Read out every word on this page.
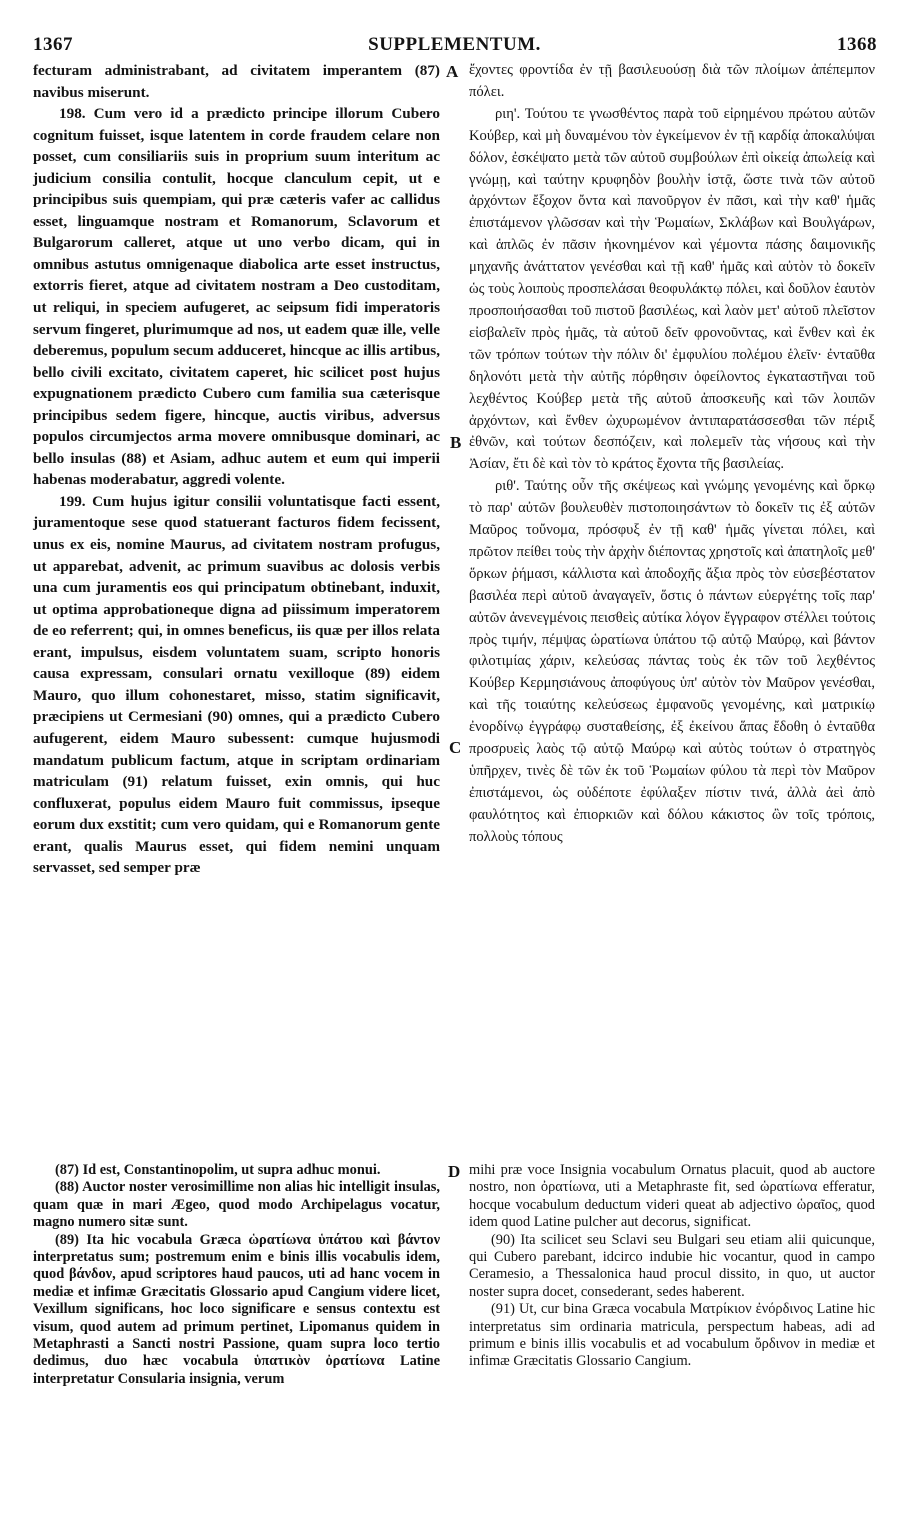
1367	SUPPLEMENTUM.	1368
A
B
C
D

fecturam administrabant, ad civitatem imperantem (87) navibus miserunt.

198. Cum vero id a prædicto principe illorum Cubero cognitum fuisset, isque latentem in corde fraudem celare non posset, cum consiliariis suis in proprium suum interitum ac judicium consilia contulit, hocque clanculum cepit, ut e principibus suis quempiam, qui præ cæteris vafer ac callidus esset, linguamque nostram et Romanorum, Sclavorum et Bulgarorum calleret, atque ut uno verbo dicam, qui in omnibus astutus omnigenaque diabolica arte esset instructus, extorris fieret, atque ad civitatem nostram a Deo custoditam, ut reliqui, in speciem aufugeret, ac seipsum fidi imperatoris servum fingeret, plurimumque ad nos, ut eadem quæ ille, velle deberemus, populum secum adduceret, hincque ac illis artibus, bello civili excitato, civitatem caperet, hic scilicet post hujus expugnationem prædicto Cubero cum familia sua cæterisque principibus sedem figere, hincque, auctis viribus, adversus populos circumjectos arma movere omnibusque dominari, ac bello insulas (88) et Asiam, adhuc autem et eum qui imperii habenas moderabatur, aggredi volente.

199. Cum hujus igitur consilii voluntatisque facti essent, juramentoque sese quod statuerant facturos fidem fecissent, unus ex eis, nomine Maurus, ad civitatem nostram profugus, ut apparebat, advenit, ac primum suavibus ac dolosis verbis una cum juramentis eos qui principatum obtinebant, induxit, ut optima approbationeque digna ad piissimum imperatorem de eo referrent; qui, in omnes beneficus, iis quæ per illos relata erant, impulsus, eisdem voluntatem suam, scripto honoris causa expressam, consulari ornatu vexilloque (89) eidem Mauro, quo illum cohonestaret, misso, statim significavit, præcipiens ut Cermesiani (90) omnes, qui a prædicto Cubero aufugerent, eidem Mauro subessent: cumque hujusmodi mandatum publicum factum, atque in scriptam ordinariam matriculam (91) relatum fuisset, exin omnis, qui huc confluxerat, populus eidem Mauro fuit commissus, ipseque eorum dux exstitit; cum vero quidam, qui e Romanorum gente erant, qualis Maurus esset, qui fidem nemini unquam servasset, sed semper præ

ἔχοντες φροντίδα ἐν τῇ βασιλευούσῃ διὰ τῶν πλοίμων ἀπέπεμπον πόλει.

ριη'. Τούτου τε γνωσθέντος παρὰ τοῦ εἰρημένου πρώτου αὐτῶν Κούβερ, καὶ μὴ δυναμένου τὸν ἐγκείμενον ἐν τῇ καρδίᾳ ἀποκαλύψαι δόλον, ἐσκέψατο μετὰ τῶν αὐτοῦ συμβούλων ἐπὶ οἰκείᾳ ἀπωλείᾳ καὶ γνώμῃ, καὶ ταύτην κρυφηδὸν βουλὴν ἱστᾷ, ὥστε τινὰ τῶν αὐτοῦ ἀρχόντων ἔξοχον ὄντα καὶ πανοῦργον ἐν πᾶσι, καὶ τὴν καθ' ἡμᾶς ἐπιστάμενον γλῶσσαν καὶ τὴν Ῥωμαίων, Σκλάβων καὶ Βουλγάρων, καὶ ἁπλῶς ἐν πᾶσιν ἠκονημένον καὶ γέμοντα πάσης δαιμονικῆς μηχανῆς ἀνάττατον γενέσθαι καὶ τῇ καθ' ἡμᾶς καὶ αὐτὸν τὸ δοκεῖν ὡς τοὺς λοιποὺς προσπελάσαι θεοφυλάκτῳ πόλει, καὶ δοῦλον ἑαυτὸν προσποιήσασθαι τοῦ πιστοῦ βασιλέως, καὶ λαὸν μετ' αὐτοῦ πλεῖστον εἰσβαλεῖν πρὸς ἡμᾶς, τὰ αὐτοῦ δεῖν φρονοῦντας, καὶ ἔνθεν καὶ ἐκ τῶν τρόπων τούτων τὴν πόλιν δι' ἐμφυλίου πολέμου ἑλεῖν· ἐνταῦθα δηλονότι μετὰ τὴν αὐτῆς πόρθησιν ὀφείλοντος ἐγκαταστῆναι τοῦ λεχθέντος Κούβερ μετὰ τῆς αὐτοῦ ἀποσκευῆς καὶ τῶν λοιπῶν ἀρχόντων, καὶ ἔνθεν ὠχυρωμένον ἀντιπαρατάσσεσθαι τῶν πέριξ ἐθνῶν, καὶ τούτων δεσπόζειν, καὶ πολεμεῖν τὰς νήσους καὶ τὴν Ἀσίαν, ἔτι δὲ καὶ τὸν τὸ κράτος ἔχοντα τῆς βασιλείας.

ριθ'. Ταύτης οὖν τῆς σκέψεως καὶ γνώμης γενομένης καὶ ὅρκῳ τὸ παρ' αὐτῶν βουλευθὲν πιστοποιησάντων τὸ δοκεῖν τις ἐξ αὐτῶν Μαῦρος τοὔνομα, πρόσφυξ ἐν τῇ καθ' ἡμᾶς γίνεται πόλει, καὶ πρῶτον πείθει τοὺς τὴν ἀρχὴν διέποντας χρηστοῖς καὶ ἀπατηλοῖς μεθ' ὅρκων ῥήμασι, κάλλιστα καὶ ἀποδοχῆς ἄξια πρὸς τὸν εὐσεβέστατον βασιλέα περὶ αὐτοῦ ἀναγαγεῖν, ὅστις ὁ πάντων εὐεργέτης τοῖς παρ' αὐτῶν ἀνενεγμένοις πεισθεὶς αὐτίκα λόγον ἔγγραφον στέλλει τούτοις πρὸς τιμήν, πέμψας ὡρατίωνα ὑπάτου τῷ αὐτῷ Μαύρῳ, καὶ βάντον φιλοτιμίας χάριν, κελεύσας πάντας τοὺς ἐκ τῶν τοῦ λεχθέντος Κούβερ Κερμησιάνους ἀποφύγους ὑπ' αὐτὸν τὸν Μαῦρον γενέσθαι, καὶ τῆς τοιαύτης κελεύσεως ἐμφανοῦς γενομένης, καὶ ματρικίῳ ἐνορδίνῳ ἐγγράφῳ συσταθείσης, ἐξ ἐκείνου ἅπας ἔδοθη ὁ ἐνταῦθα προσρυεὶς λαὸς τῷ αὐτῷ Μαύρῳ καὶ αὐτὸς τούτων ὁ στρατηγὸς ὑπῆρχεν, τινὲς δὲ τῶν ἐκ τοῦ Ῥωμαίων φύλου τὰ περὶ τὸν Μαῦρον ἐπιστάμενοι, ὡς οὐδέποτε ἐφύλαξεν πίστιν τινά, ἀλλὰ ἀεὶ ἀπὸ φαυλότητος καὶ ἐπιορκιῶν καὶ δόλου κάκιστος ὢν τοῖς τρόποις, πολλοὺς τόπους

(87) Id est, Constantinopolim, ut supra adhuc monui.

(88) Auctor noster verosimillime non alias hic intelligit insulas, quam quæ in mari Ægeo, quod modo Archipelagus vocatur, magno numero sitæ sunt.

(89) Ita hic vocabula Græca ὡρατίωνα ὑπάτου καὶ βάντον interpretatus sum; postremum enim e binis illis vocabulis idem, quod βάνδον, apud scriptores haud paucos, uti ad hanc vocem in mediæ et infimæ Græcitatis Glossario apud Cangium videre licet, Vexillum significans, hoc loco significare e sensus contextu est visum, quod autem ad primum pertinet, Lipomanus quidem in Metaphrasti a Sancti nostri Passione, quam supra loco tertio dedimus, duo hæc vocabula ὑπατικὸν ὀρατίωνα Latine interpretatur Consularia insignia, verum

mihi præ voce Insignia vocabulum Ornatus placuit, quod ab auctore nostro, non ὀρατίωνα, uti a Metaphraste fit, sed ὡρατίωνα efferatur, hocque vocabulum deductum videri queat ab adjectivo ὡραῖος, quod idem quod Latine pulcher aut decorus, significat.

(90) Ita scilicet seu Sclavi seu Bulgari seu etiam alii quicunque, qui Cubero parebant, idcirco indubie hic vocantur, quod in campo Ceramesio, a Thessalonica haud procul dissito, in quo, ut auctor noster supra docet, consederant, sedes haberent.

(91) Ut, cur bina Græca vocabula Ματρίκιον ἐνόρδινος Latine hic interpretatus sim ordinaria matricula, perspectum habeas, adi ad primum e binis illis vocabulis et ad vocabulum ὄρδινον in mediæ et infimæ Græcitatis Glossario Cangium.
